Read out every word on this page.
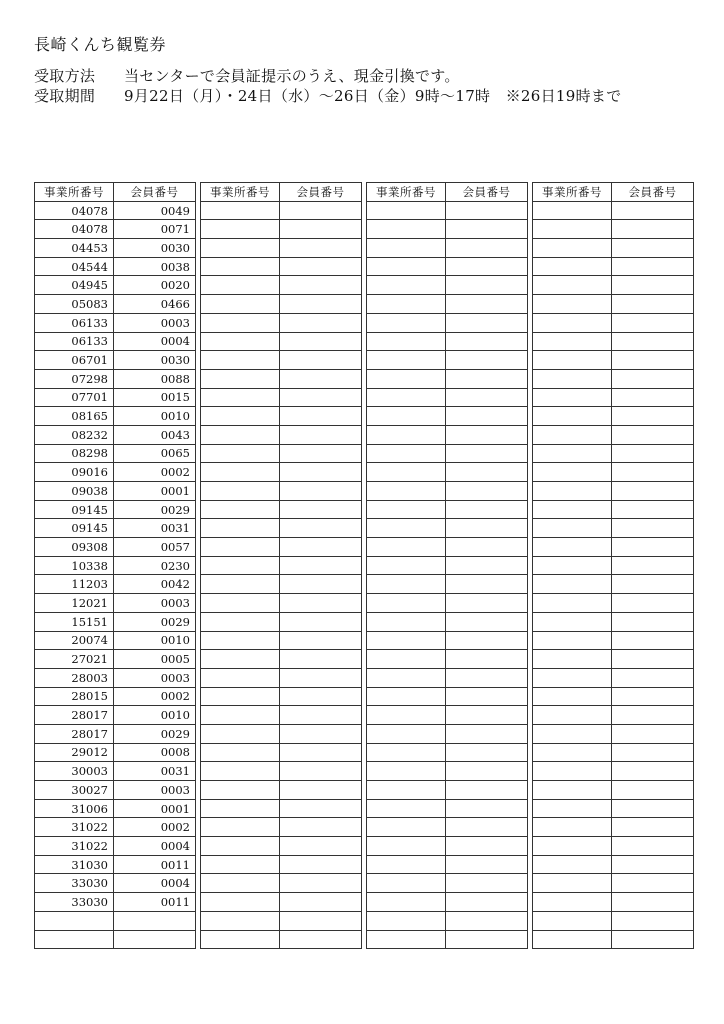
長崎くんち観覧券
受取方法 当センターで会員証提示のうえ、現金引換です。
受取期間 9月22日（月）・24日（水）～26日（金）9時～17時　※26日19時まで
事業所番号	会員番号
04078	0049
04078	0071
04453	0030
04544	0038
04945	0020
05083	0466
06133	0003
06133	0004
06701	0030
07298	0088
07701	0015
08165	0010
08232	0043
08298	0065
09016	0002
09038	0001
09145	0029
09145	0031
09308	0057
10338	0230
11203	0042
12021	0003
15151	0029
20074	0010
27021	0005
28003	0003
28015	0002
28017	0010
28017	0029
29012	0008
30003	0031
30027	0003
31006	0001
31022	0002
31022	0004
31030	0011
33030	0004
33030	0011

事業所番号	会員番号

		事業所番号	会員番号

		事業所番号	会員番号
